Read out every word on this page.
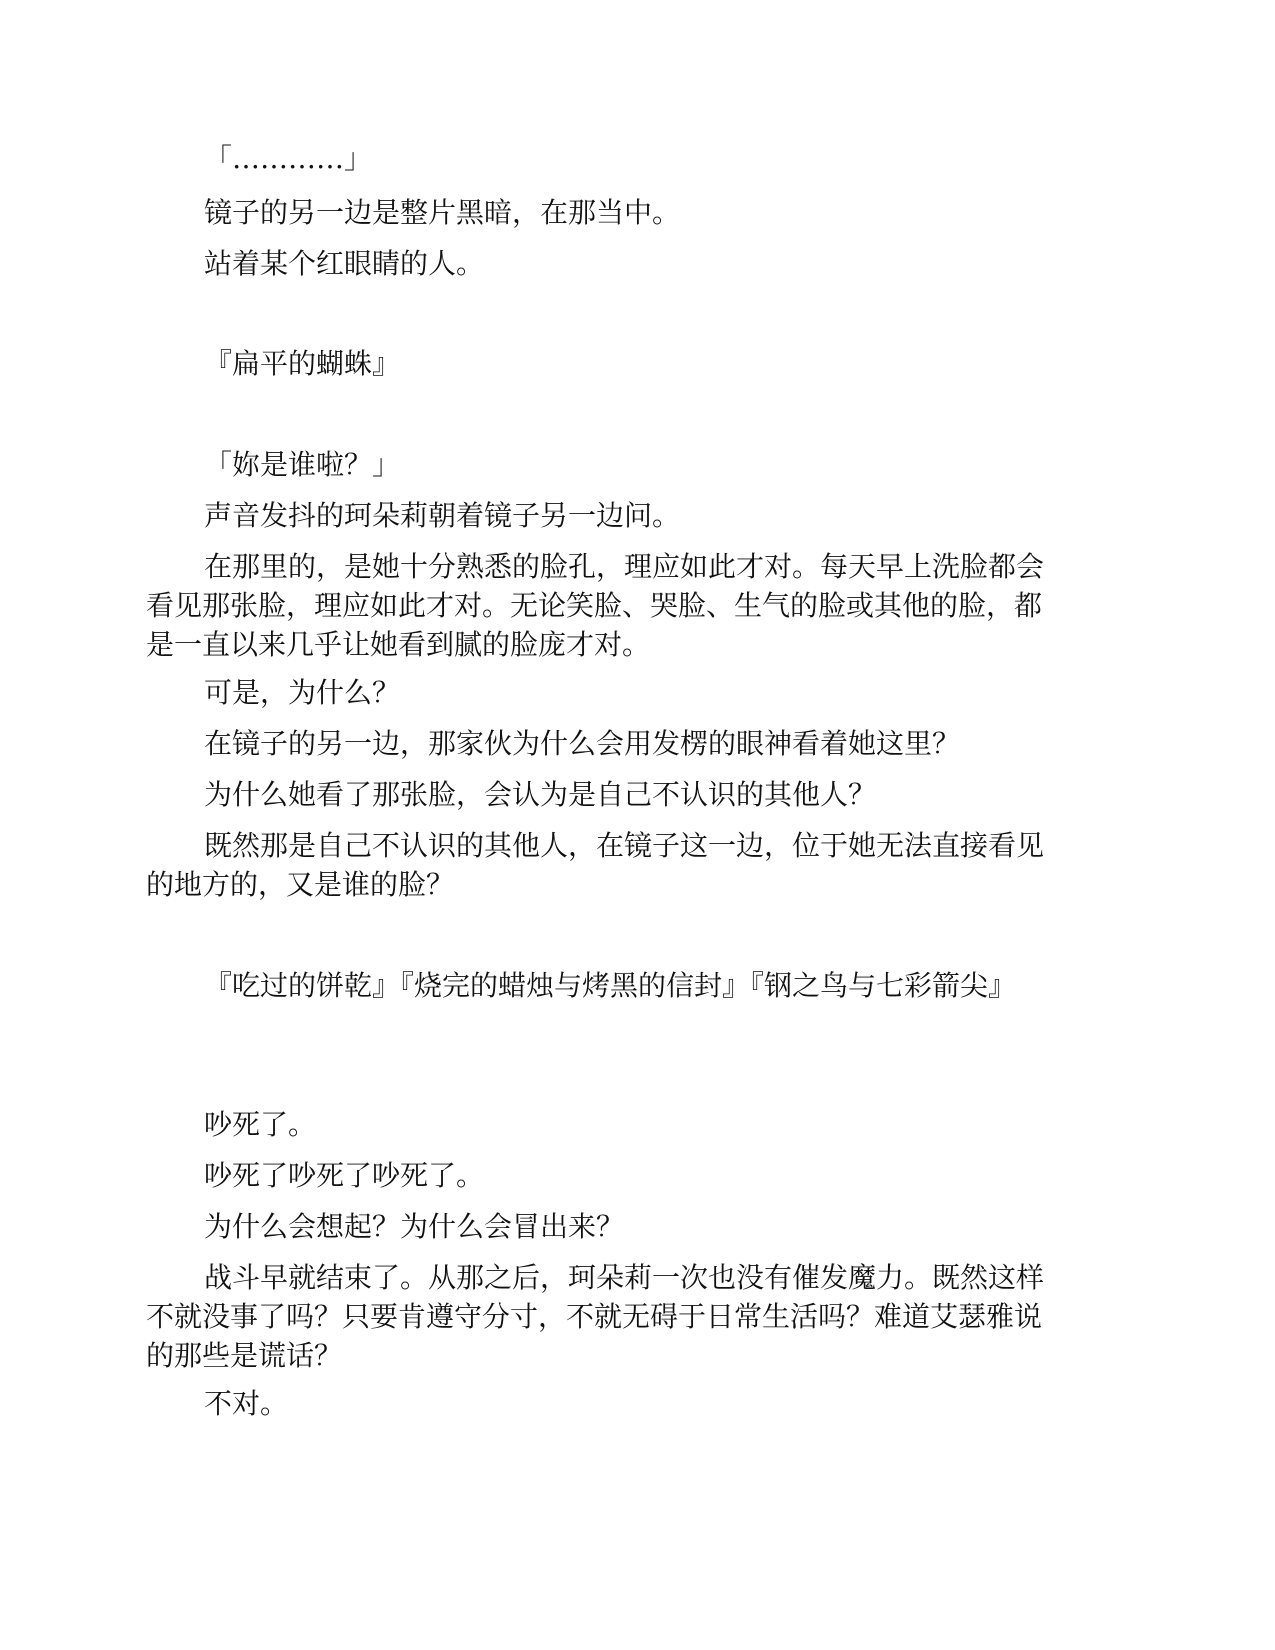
「…………」

镜子的另一边是整片黑暗，在那当中。

站着某个红眼睛的人。

『扁平的蝴蛛』

「妳是谁啦？」

声音发抖的珂朵莉朝着镜子另一边问。

在那里的，是她十分熟悉的脸孔，理应如此才对。每天早上洗脸都会看见那张脸，理应如此才对。无论笑脸、哭脸、生气的脸或其他的脸，都是一直以来几乎让她看到腻的脸庞才对。

可是，为什么？

在镜子的另一边，那家伙为什么会用发楞的眼神看着她这里？

为什么她看了那张脸，会认为是自己不认识的其他人？

既然那是自己不认识的其他人，在镜子这一边，位于她无法直接看见的地方的，又是谁的脸？

『吃过的饼乾』『烧完的蜡烛与烤黑的信封』『钢之鸟与七彩箭尖』

吵死了。

吵死了吵死了吵死了。

为什么会想起？为什么会冒出来？

战斗早就结束了。从那之后，珂朵莉一次也没有催发魔力。既然这样不就没事了吗？只要肯遵守分寸，不就无碍于日常生活吗？难道艾瑟雅说的那些是谎话？

不对。
